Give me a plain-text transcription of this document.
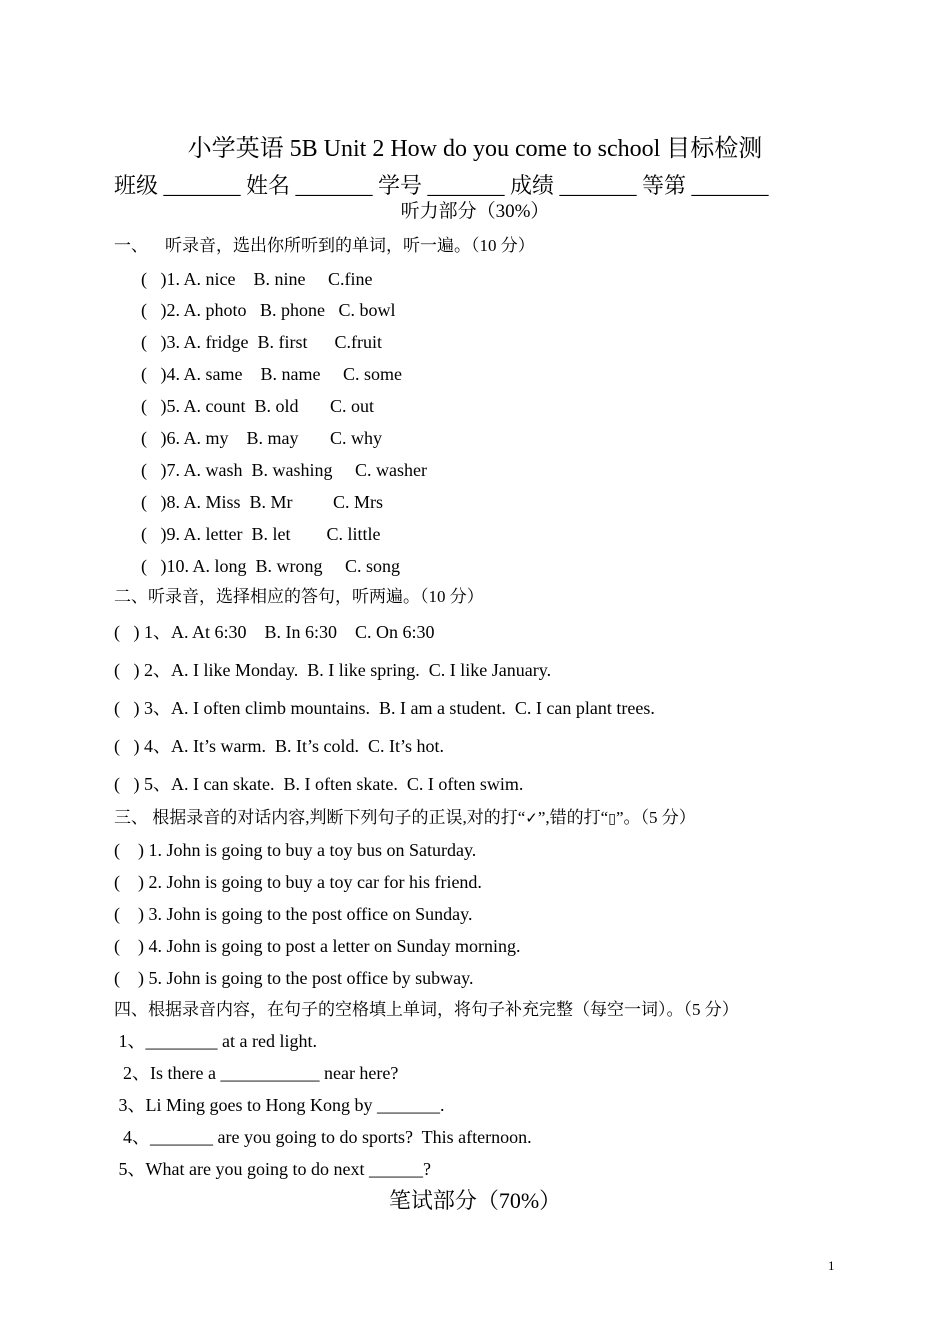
小学英语 5B Unit 2 How do you come to school 目标检测
班级 _______ 姓名 _______ 学号 _______ 成绩 _______ 等第 _______
听力部分（30%）
一、    听录音，选出你所听到的单词，听一遍。（10 分）
(   )1. A. nice    B. nine     C.fine
(   )2. A. photo   B. phone   C. bowl
(   )3. A. fridge  B. first      C.fruit
(   )4. A. same    B. name     C. some
(   )5. A. count  B. old       C. out
(   )6. A. my    B. may       C. why
(   )7. A. wash  B. washing     C. washer
(   )8. A. Miss  B. Mr         C. Mrs
(   )9. A. letter  B. let        C. little
(   )10. A. long  B. wrong     C. song
二、听录音，选择相应的答句，听两遍。（10 分）
(   ) 1、A. At 6:30    B. In 6:30    C. On 6:30
(   ) 2、A. I like Monday.  B. I like spring.  C. I like January.
(   ) 3、A. I often climb mountains.  B. I am a student.  C. I can plant trees.
(   ) 4、A. It’s warm.  B. It’s cold.  C. It’s hot.
(   ) 5、A. I can skate.  B. I often skate.  C. I often swim.
三、 根据录音的对话内容,判断下列句子的正误,对的打“✓”,错的打“▯”。（5 分）
(    ) 1. John is going to buy a toy bus on Saturday.
(    ) 2. John is going to buy a toy car for his friend.
(    ) 3. John is going to the post office on Sunday.
(    ) 4. John is going to post a letter on Sunday morning.
(    ) 5. John is going to the post office by subway.
四、根据录音内容，在句子的空格填上单词，将句子补充完整（每空一词）。（5 分）
1、________ at a red light.
2、Is there a ___________ near here?
3、Li Ming goes to Hong Kong by _______.
4、_______ are you going to do sports?  This afternoon.
5、What are you going to do next ______?
笔试部分（70%）
1
